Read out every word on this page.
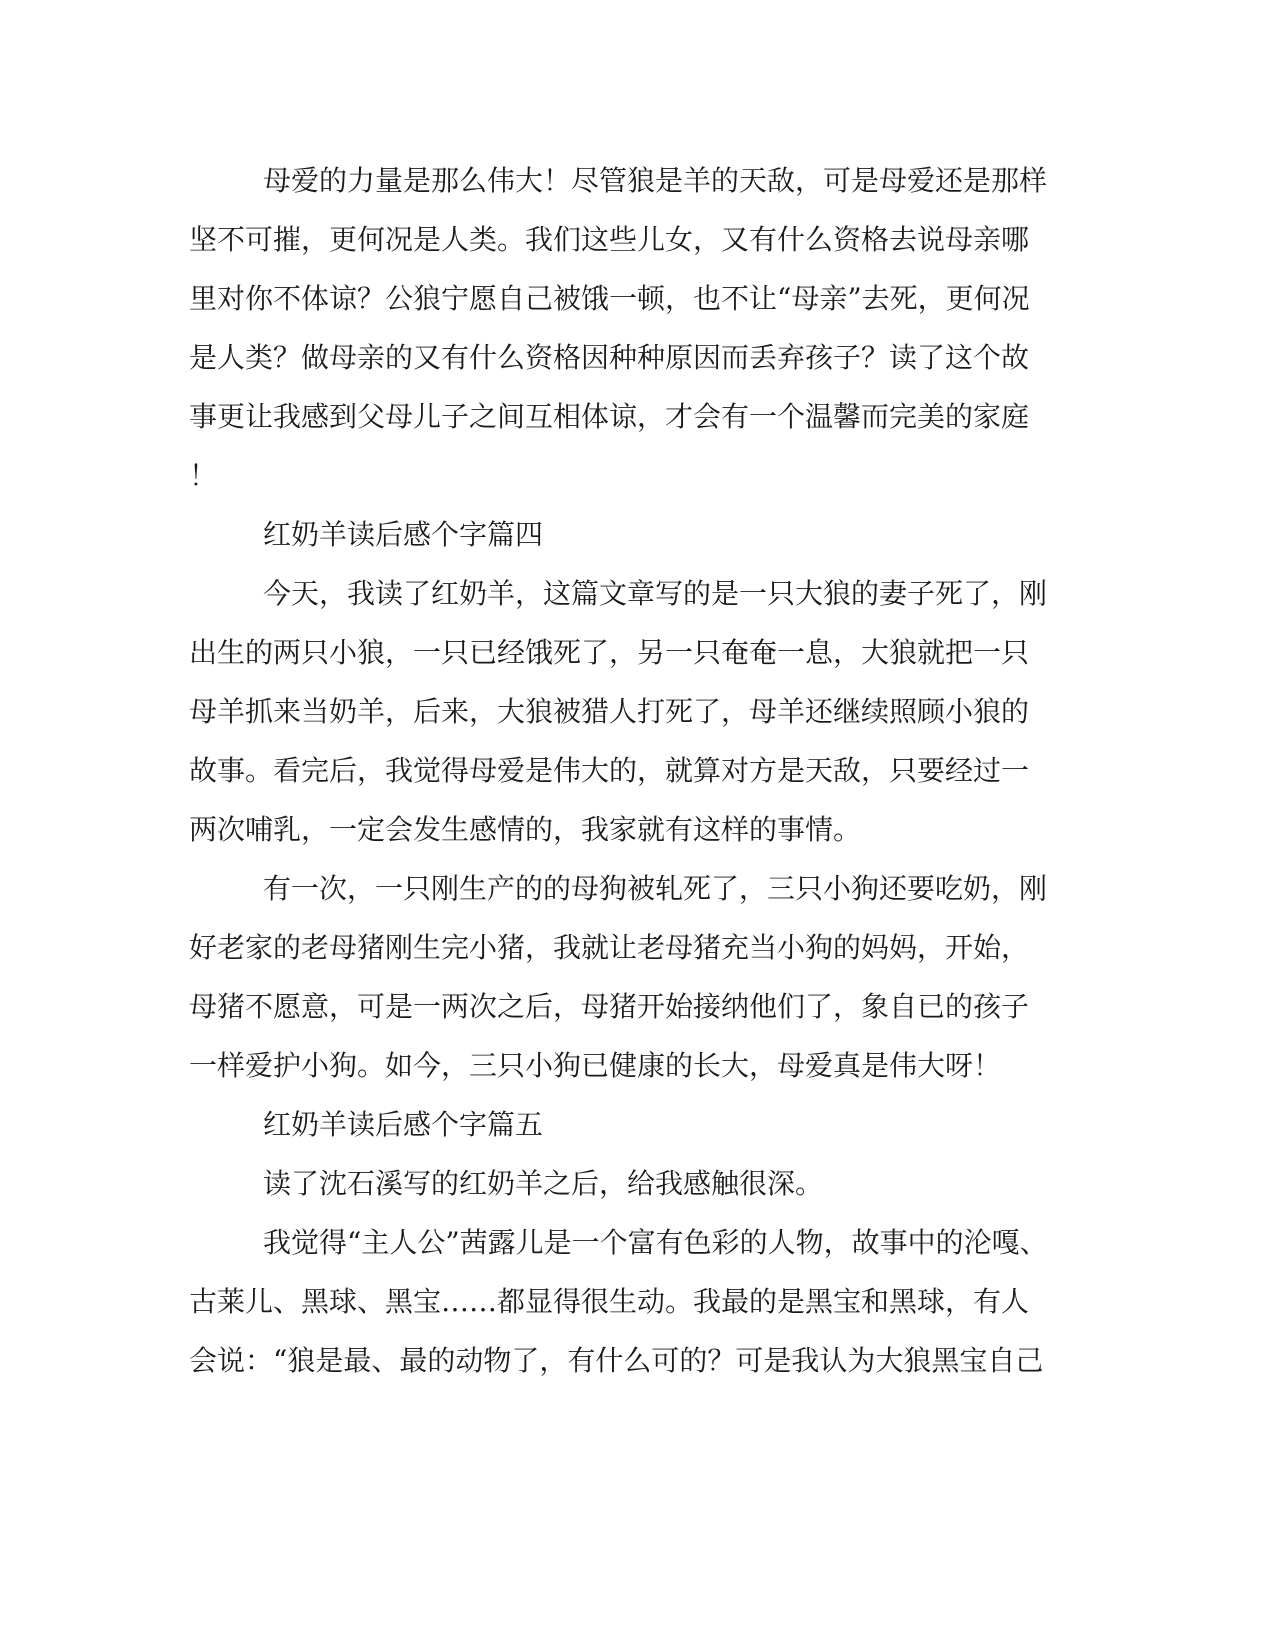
母爱的力量是那么伟大！尽管狼是羊的天敌，可是母爱还是那样
坚不可摧，更何况是人类。我们这些儿女，又有什么资格去说母亲哪
里对你不体谅？公狼宁愿自己被饿一顿，也不让“母亲”去死，更何况
是人类？做母亲的又有什么资格因种种原因而丢弃孩子？读了这个故
事更让我感到父母儿子之间互相体谅，才会有一个温馨而完美的家庭
！
红奶羊读后感个字篇四
今天，我读了红奶羊，这篇文章写的是一只大狼的妻子死了，刚
出生的两只小狼，一只已经饿死了，另一只奄奄一息，大狼就把一只
母羊抓来当奶羊，后来，大狼被猎人打死了，母羊还继续照顾小狼的
故事。看完后，我觉得母爱是伟大的，就算对方是天敌，只要经过一
两次哺乳，一定会发生感情的，我家就有这样的事情。
有一次，一只刚生产的的母狗被轧死了，三只小狗还要吃奶，刚
好老家的老母猪刚生完小猪，我就让老母猪充当小狗的妈妈，开始，
母猪不愿意，可是一两次之后，母猪开始接纳他们了，象自已的孩子
一样爱护小狗。如今，三只小狗已健康的长大，母爱真是伟大呀！
红奶羊读后感个字篇五
读了沈石溪写的红奶羊之后，给我感触很深。
我觉得“主人公”茜露儿是一个富有色彩的人物，故事中的沦嘎、
古莱儿、黑球、黑宝……都显得很生动。我最的是黑宝和黑球，有人
会说：“狼是最、最的动物了，有什么可的？可是我认为大狼黑宝自己
